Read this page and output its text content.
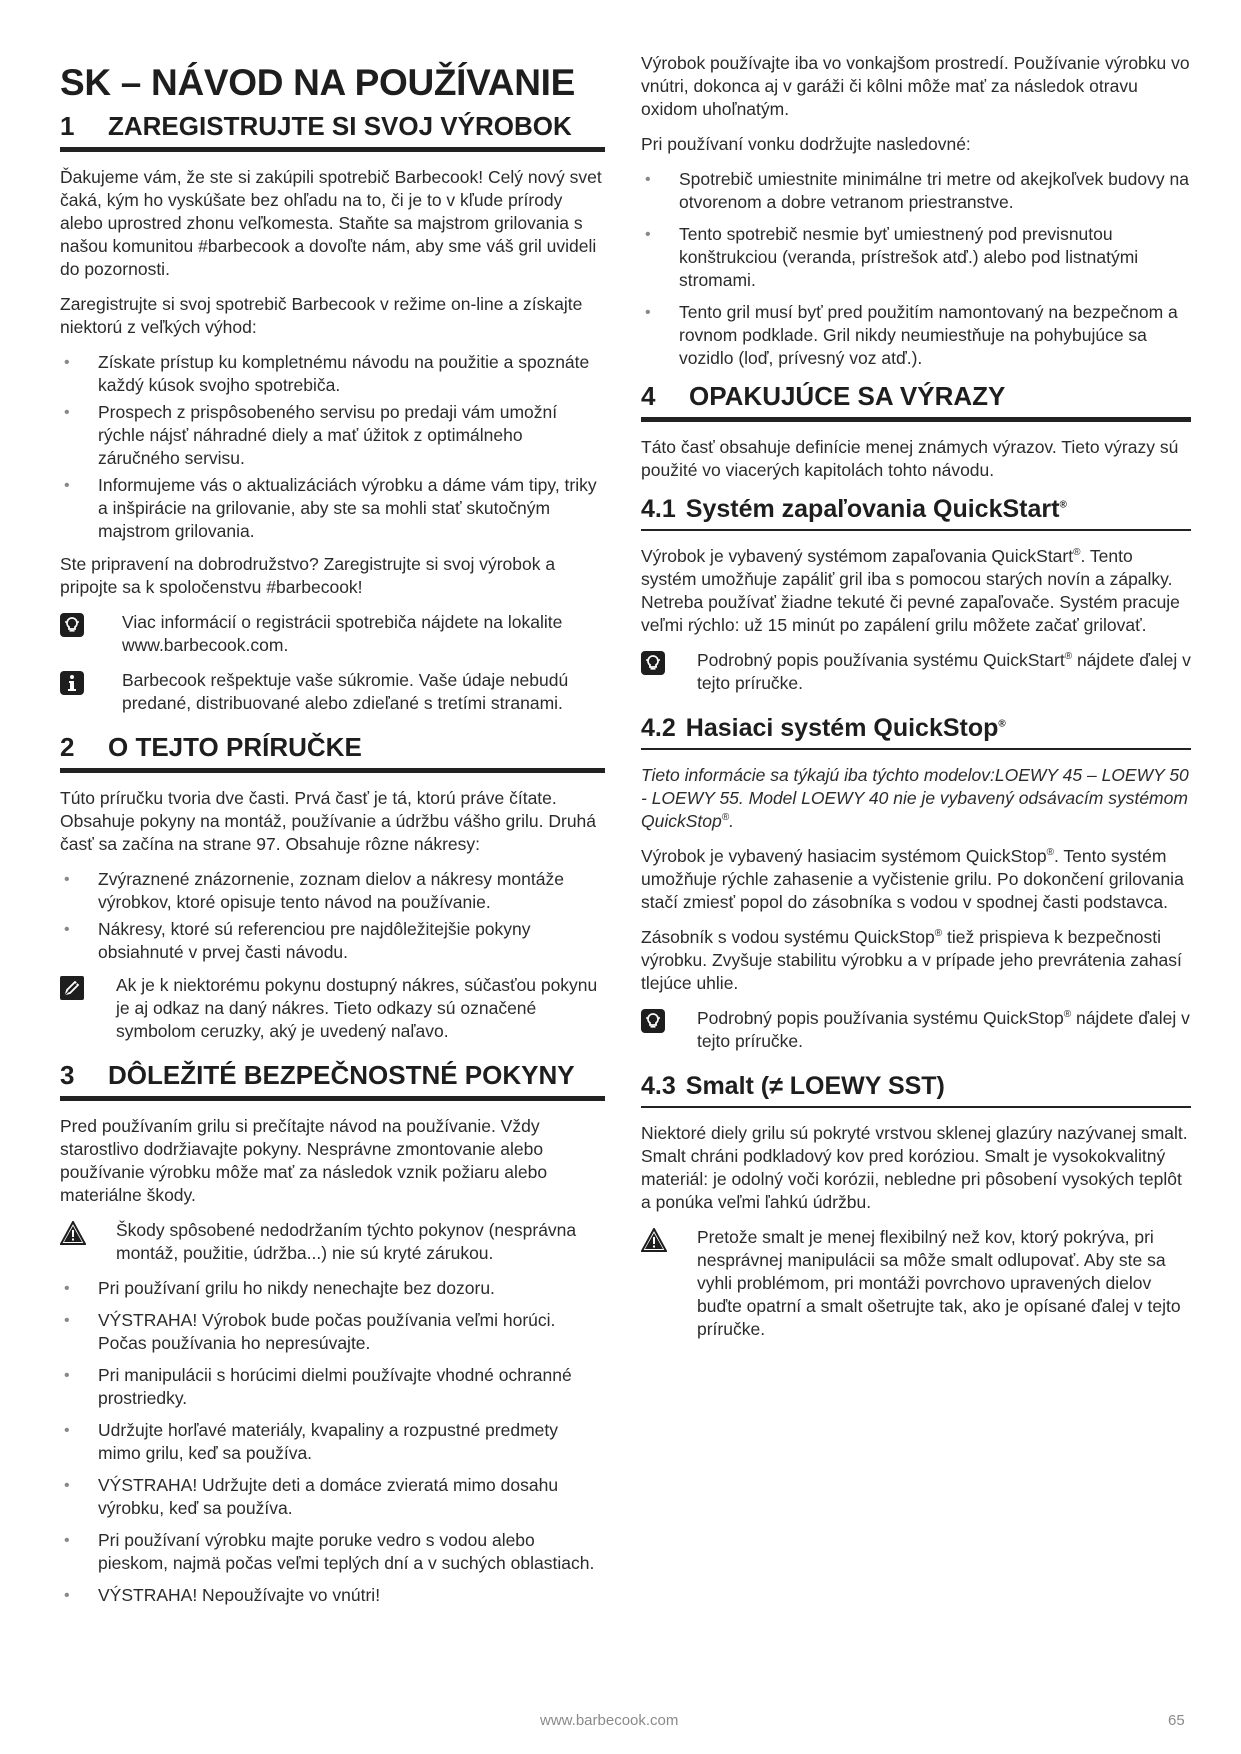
SK – NÁVOD NA POUŽÍVANIE
1	ZAREGISTRUJTE SI SVOJ VÝROBOK

Ďakujeme vám, že ste si zakúpili spotrebič Barbecook! Celý nový svet čaká, kým ho vyskúšate bez ohľadu na to, či je to v kľude prírody alebo uprostred zhonu veľkomesta. Staňte sa majstrom grilovania s našou komunitou #barbecook a dovoľte nám, aby sme váš gril uvideli do pozornosti.

Zaregistrujte si svoj spotrebič Barbecook v režime on-line a získajte niektorú z veľkých výhod:

• Získate prístup ku kompletnému návodu na použitie a spoznáte každý kúsok svojho spotrebiča.
• Prospech z prispôsobeného servisu po predaji vám umožní rýchle nájsť náhradné diely a mať úžitok z optimálneho záručného servisu.
• Informujeme vás o aktualizáciách výrobku a dáme vám tipy, triky a inšpirácie na grilovanie, aby ste sa mohli stať skutočným majstrom grilovania.

Ste pripravení na dobrodružstvo? Zaregistrujte si svoj výrobok a pripojte sa k spoločenstvu #barbecook!

Viac informácií o registrácii spotrebiča nájdete na lokalite www.barbecook.com.
Barbecook rešpektuje vaše súkromie. Vaše údaje nebudú predané, distribuované alebo zdieľané s tretími stranami.
2	O TEJTO PRÍRUČKE

Túto príručku tvoria dve časti. Prvá časť je tá, ktorú práve čítate. Obsahuje pokyny na montáž, používanie a údržbu vášho grilu. Druhá časť sa začína na strane 97. Obsahuje rôzne nákresy:

• Zvýraznené znázornenie, zoznam dielov a nákresy montáže výrobkov, ktoré opisuje tento návod na používanie.
• Nákresy, ktoré sú referenciou pre najdôležitejšie pokyny obsiahnuté v prvej časti návodu.
Ak je k niektorému pokynu dostupný nákres, súčasťou pokynu je aj odkaz na daný nákres. Tieto odkazy sú označené symbolom ceruzky, aký je uvedený naľavo.
3	DÔLEŽITÉ BEZPEČNOSTNÉ POKYNY

Pred používaním grilu si prečítajte návod na používanie. Vždy starostlivo dodržiavajte pokyny. Nesprávne zmontovanie alebo používanie výrobku môže mať za následok vznik požiaru alebo materiálne škody.

Škody spôsobené nedodržaním týchto pokynov (nesprávna montáž, použitie, údržba...) nie sú kryté zárukou.
• Pri používaní grilu ho nikdy nenechajte bez dozoru.
• VÝSTRAHA! Výrobok bude počas používania veľmi horúci. Počas používania ho nepresúvajte.
• Pri manipulácii s horúcimi dielmi používajte vhodné ochranné prostriedky.
• Udržujte horľavé materiály, kvapaliny a rozpustné predmety mimo grilu, keď sa používa.
• VÝSTRAHA! Udržujte deti a domáce zvieratá mimo dosahu výrobku, keď sa používa.
• Pri používaní výrobku majte poruke vedro s vodou alebo pieskom, najmä počas veľmi teplých dní a v suchých oblastiach.
• VÝSTRAHA! Nepoužívajte vo vnútri!

Výrobok používajte iba vo vonkajšom prostredí. Používanie výrobku vo vnútri, dokonca aj v garáži či kôlni môže mať za následok otravu oxidom uhoľnatým.

Pri používaní vonku dodržujte nasledovné:

• Spotrebič umiestnite minimálne tri metre od akejkoľvek budovy na otvorenom a dobre vetranom priestranstve.
• Tento spotrebič nesmie byť umiestnený pod previsnutou konštrukciou (veranda, prístrešok atď.) alebo pod listnatými stromami.
• Tento gril musí byť pred použitím namontovaný na bezpečnom a rovnom podklade. Gril nikdy neumiestňuje na pohybujúce sa vozidlo (loď, prívesný voz atď.).
4	OPAKUJÚCE SA VÝRAZY

Táto časť obsahuje definície menej známych výrazov. Tieto výrazy sú použité vo viacerých kapitolách tohto návodu.

4.1 Systém zapaľovania QuickStart®

Výrobok je vybavený systémom zapaľovania QuickStart®. Tento systém umožňuje zapáliť gril iba s pomocou starých novín a zápalky. Netreba používať žiadne tekuté či pevné zapaľovače. Systém pracuje veľmi rýchlo: už 15 minút po zapálení grilu môžete začať grilovať.

Podrobný popis používania systému QuickStart® nájdete ďalej v tejto príručke.
4.2 Hasiaci systém QuickStop®

Tieto informácie sa týkajú iba týchto modelov:LOEWY 45 – LOEWY 50 - LOEWY 55. Model LOEWY 40 nie je vybavený odsávacím systémom QuickStop®.

Výrobok je vybavený hasiacim systémom QuickStop®. Tento systém umožňuje rýchle zahasenie a vyčistenie grilu. Po dokončení grilovania stačí zmiesť popol do zásobníka s vodou v spodnej časti podstavca.

Zásobník s vodou systému QuickStop® tiež prispieva k bezpečnosti výrobku. Zvyšuje stabilitu výrobku a v prípade jeho prevrátenia zahasí tlejúce uhlie.

Podrobný popis používania systému QuickStop® nájdete ďalej v tejto príručke.
4.3 Smalt (≠ LOEWY SST)

Niektoré diely grilu sú pokryté vrstvou sklenej glazúry nazývanej smalt. Smalt chráni podkladový kov pred koróziou. Smalt je vysokokvalitný materiál: je odolný voči korózii, nebledne pri pôsobení vysokých teplôt a ponúka veľmi ľahkú údržbu.

Pretože smalt je menej flexibilný než kov, ktorý pokrýva, pri nesprávnej manipulácii sa môže smalt odlupovať. Aby ste sa vyhli problémom, pri montáži povrchovo upravených dielov buďte opatrní a smalt ošetrujte tak, ako je opísané ďalej v tejto príručke.
www.barbecook.com	65
